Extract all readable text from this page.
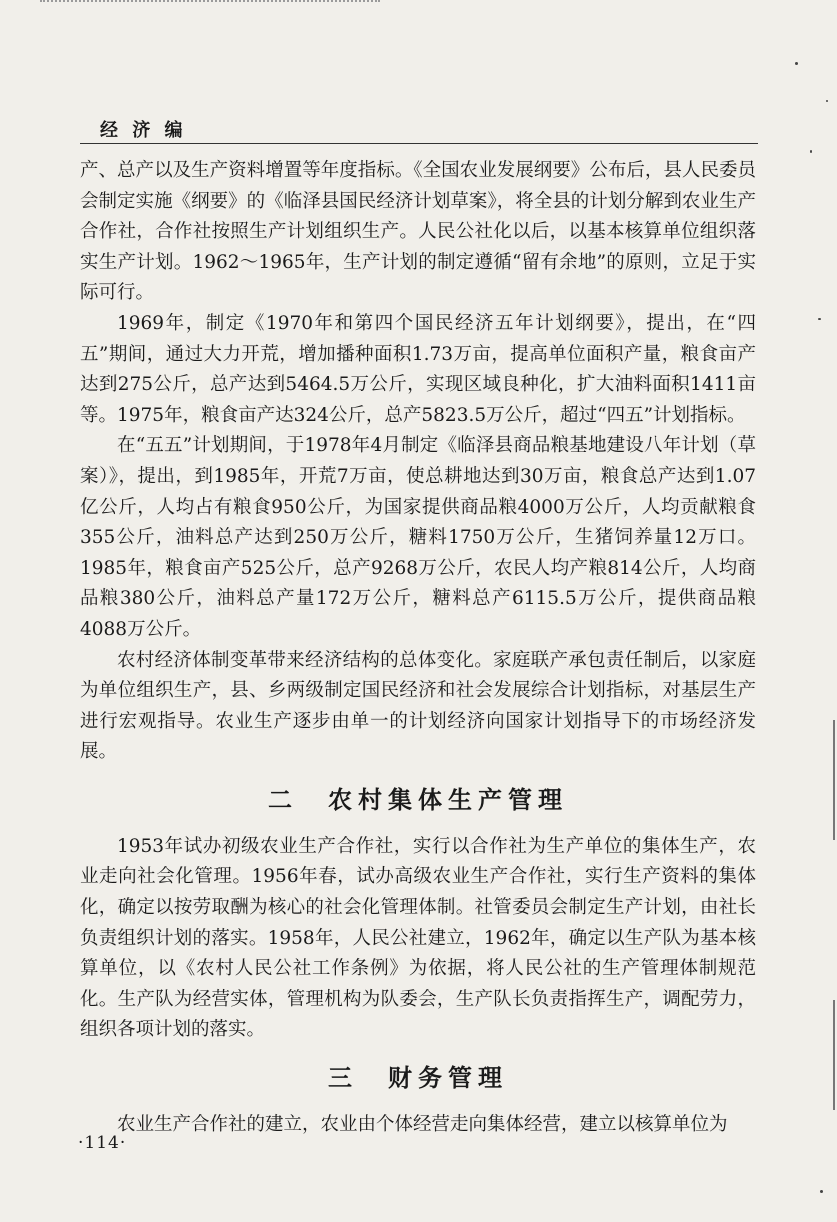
经 济 编

产、总产以及生产资料增置等年度指标。《全国农业发展纲要》公布后，县人民委员会制定实施《纲要》的《临泽县国民经济计划草案》，将全县的计划分解到农业生产合作社，合作社按照生产计划组织生产。人民公社化以后，以基本核算单位组织落实生产计划。1962～1965年，生产计划的制定遵循“留有余地”的原则，立足于实际可行。

1969年，制定《1970年和第四个国民经济五年计划纲要》，提出，在“四五”期间，通过大力开荒，增加播种面积1.73万亩，提高单位面积产量，粮食亩产达到275公斤，总产达到5464.5万公斤，实现区域良种化，扩大油料面积1411亩等。1975年，粮食亩产达324公斤，总产5823.5万公斤，超过“四五”计划指标。

在“五五”计划期间，于1978年4月制定《临泽县商品粮基地建设八年计划（草案）》，提出，到1985年，开荒7万亩，使总耕地达到30万亩，粮食总产达到1.07亿公斤，人均占有粮食950公斤，为国家提供商品粮4000万公斤，人均贡献粮食355公斤，油料总产达到250万公斤，糖料1750万公斤，生猪饲养量12万口。1985年，粮食亩产525公斤，总产9268万公斤，农民人均产粮814公斤，人均商品粮380公斤，油料总产量172万公斤，糖料总产6115.5万公斤，提供商品粮4088万公斤。

农村经济体制变革带来经济结构的总体变化。家庭联产承包责任制后，以家庭为单位组织生产，县、乡两级制定国民经济和社会发展综合计划指标，对基层生产进行宏观指导。农业生产逐步由单一的计划经济向国家计划指导下的市场经济发展。

二　农村集体生产管理

1953年试办初级农业生产合作社，实行以合作社为生产单位的集体生产，农业走向社会化管理。1956年春，试办高级农业生产合作社，实行生产资料的集体化，确定以按劳取酬为核心的社会化管理体制。社管委员会制定生产计划，由社长负责组织计划的落实。1958年，人民公社建立，1962年，确定以生产队为基本核算单位，以《农村人民公社工作条例》为依据，将人民公社的生产管理体制规范化。生产队为经营实体，管理机构为队委会，生产队长负责指挥生产，调配劳力，组织各项计划的落实。

三　财务管理

农业生产合作社的建立，农业由个体经营走向集体经营，建立以核算单位为

·114·
